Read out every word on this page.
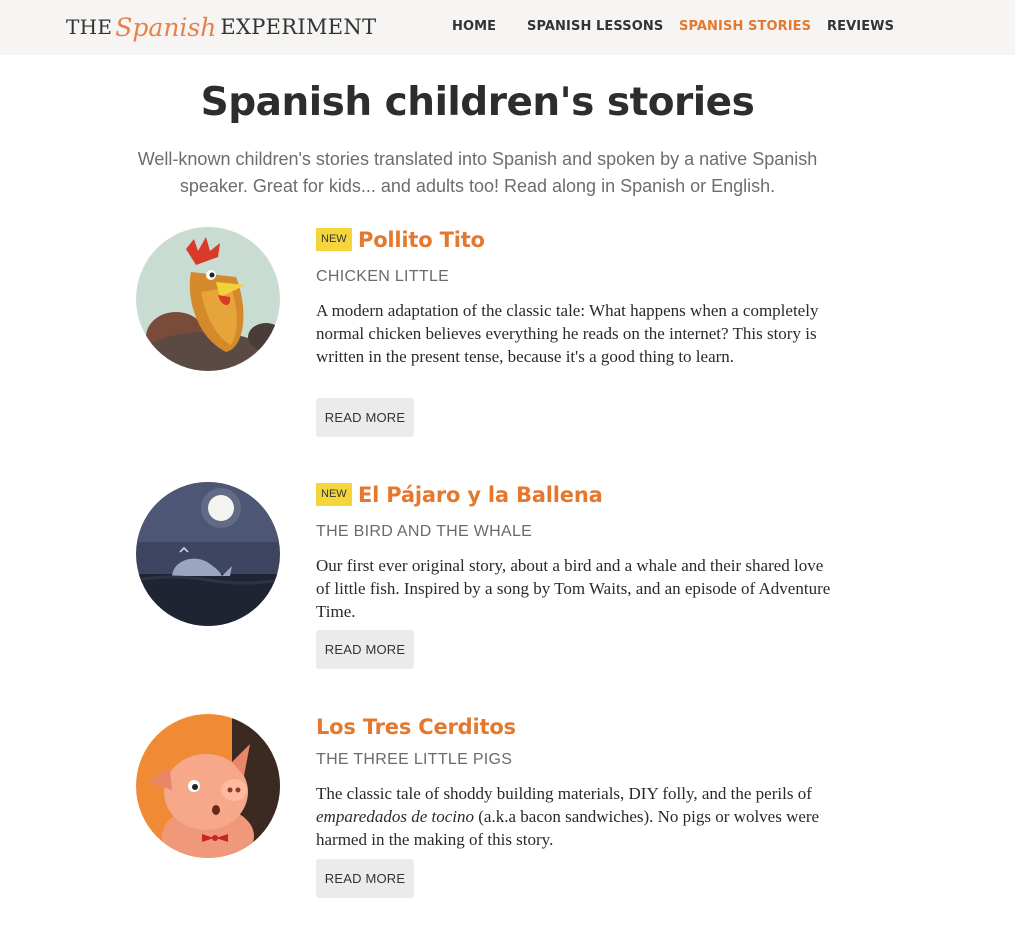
THE Spanish EXPERIMENT	HOME SPANISH LESSONS SPANISH STORIES REVIEWS
Spanish children's stories

Well-known children's stories translated into Spanish and spoken by a native Spanish speaker. Great for kids... and adults too! Read along in Spanish or English.

NEW Pollito Tito
CHICKEN LITTLE

A modern adaptation of the classic tale: What happens when a completely normal chicken believes everything he reads on the internet? This story is written in the present tense, because it's a good thing to learn.

READ MORE
NEW El Pájaro y la Ballena
THE BIRD AND THE WHALE

Our first ever original story, about a bird and a whale and their shared love of little fish. Inspired by a song by Tom Waits, and an episode of Adventure Time.

READ MORE
Los Tres Cerditos
THE THREE LITTLE PIGS

The classic tale of shoddy building materials, DIY folly, and the perils of emparedados de tocino (a.k.a bacon sandwiches). No pigs or wolves were harmed in the making of this story.

READ MORE
